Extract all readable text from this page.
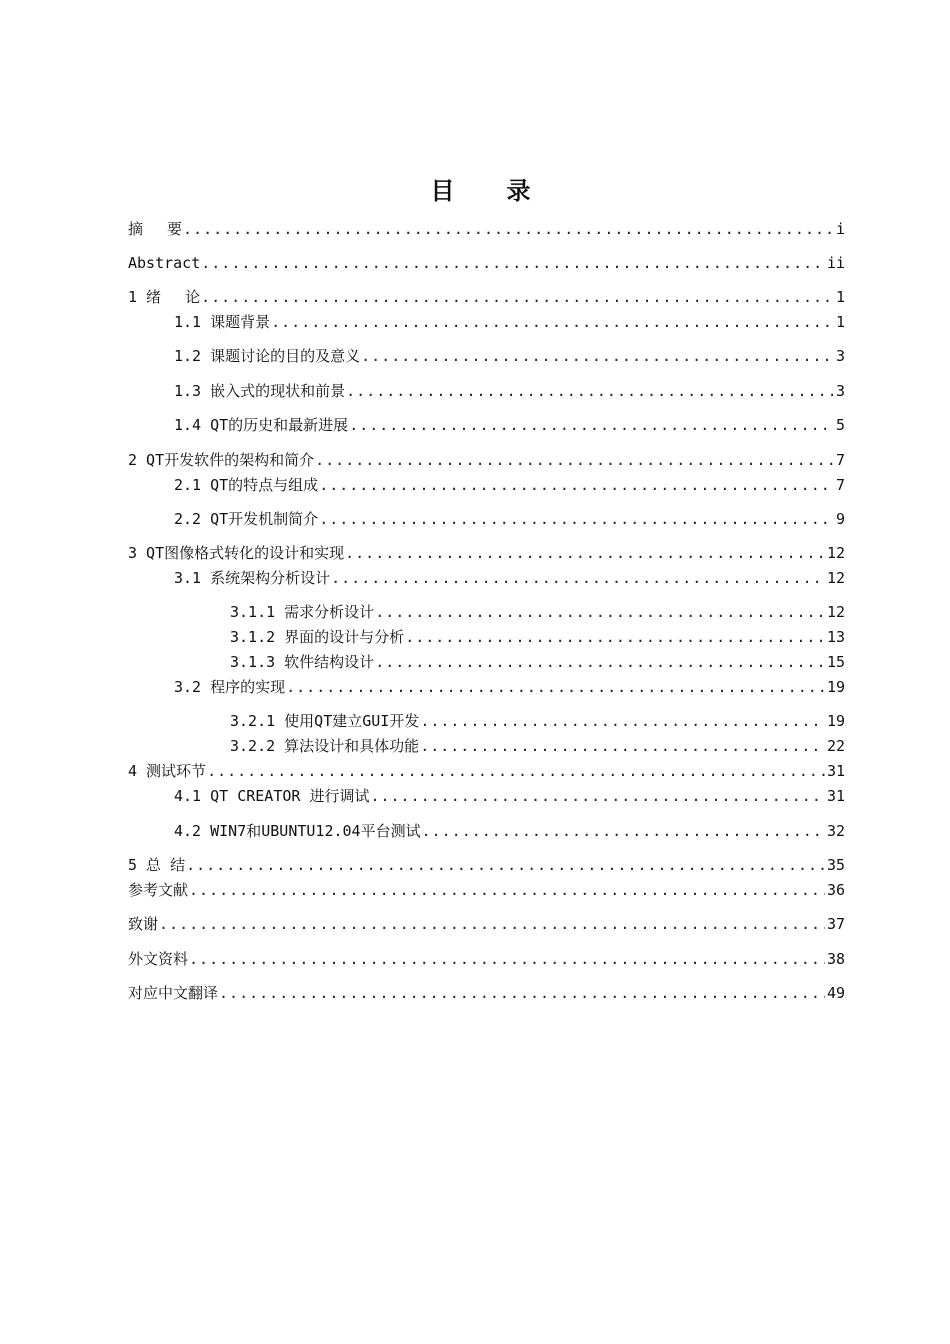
目　录
摘　 要 .....	i
Abstract .....	ii
1 绪　 论 .....	1
1.1 课题背景 .....	1
1.2 课题讨论的目的及意义 .....	3
1.3 嵌入式的现状和前景 .....	3
1.4 QT的历史和最新进展 .....	5
2 QT开发软件的架构和简介 .....	7
2.1 QT的特点与组成 .....	7
2.2 QT开发机制简介 .....	9
3 QT图像格式转化的设计和实现 .....	12
3.1 系统架构分析设计 .....	12
3.1.1 需求分析设计 .....	12
3.1.2 界面的设计与分析 .....	13
3.1.3 软件结构设计 .....	15
3.2 程序的实现 .....	19
3.2.1 使用QT建立GUI开发 .....	19
3.2.2 算法设计和具体功能 .....	22
4 测试环节 .....	31
4.1 QT CREATOR 进行调试 .....	31
4.2 WIN7和UBUNTU12.04平台测试 .....	32
5 总 结 .....	35
参考文献 .....	36
致谢 .....	37
外文资料 .....	38
对应中文翻译 .....	49
